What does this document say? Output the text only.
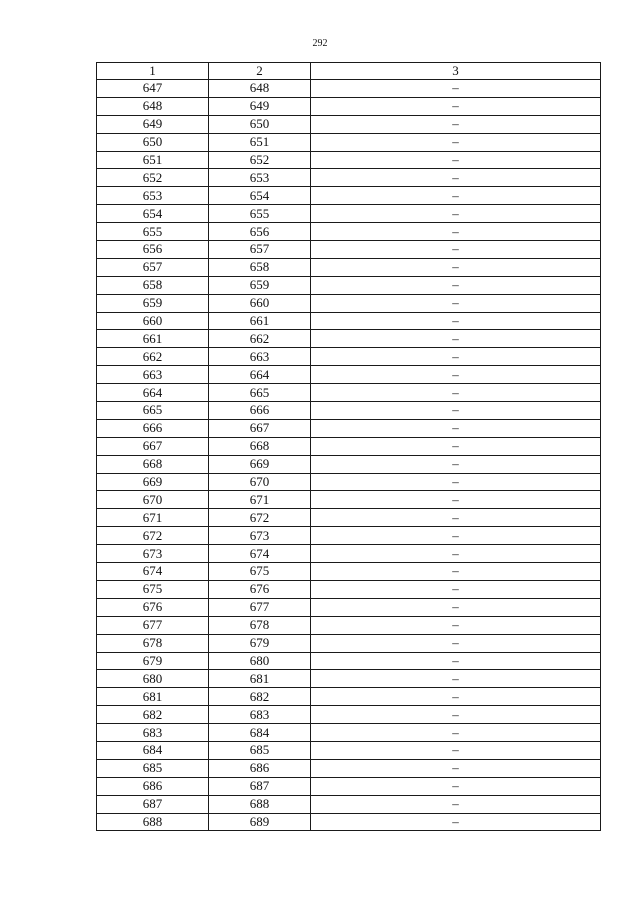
292
1	2	3
647	648	–
648	649	–
649	650	–
650	651	–
651	652	–
652	653	–
653	654	–
654	655	–
655	656	–
656	657	–
657	658	–
658	659	–
659	660	–
660	661	–
661	662	–
662	663	–
663	664	–
664	665	–
665	666	–
666	667	–
667	668	–
668	669	–
669	670	–
670	671	–
671	672	–
672	673	–
673	674	–
674	675	–
675	676	–
676	677	–
677	678	–
678	679	–
679	680	–
680	681	–
681	682	–
682	683	–
683	684	–
684	685	–
685	686	–
686	687	–
687	688	–
688	689	–
